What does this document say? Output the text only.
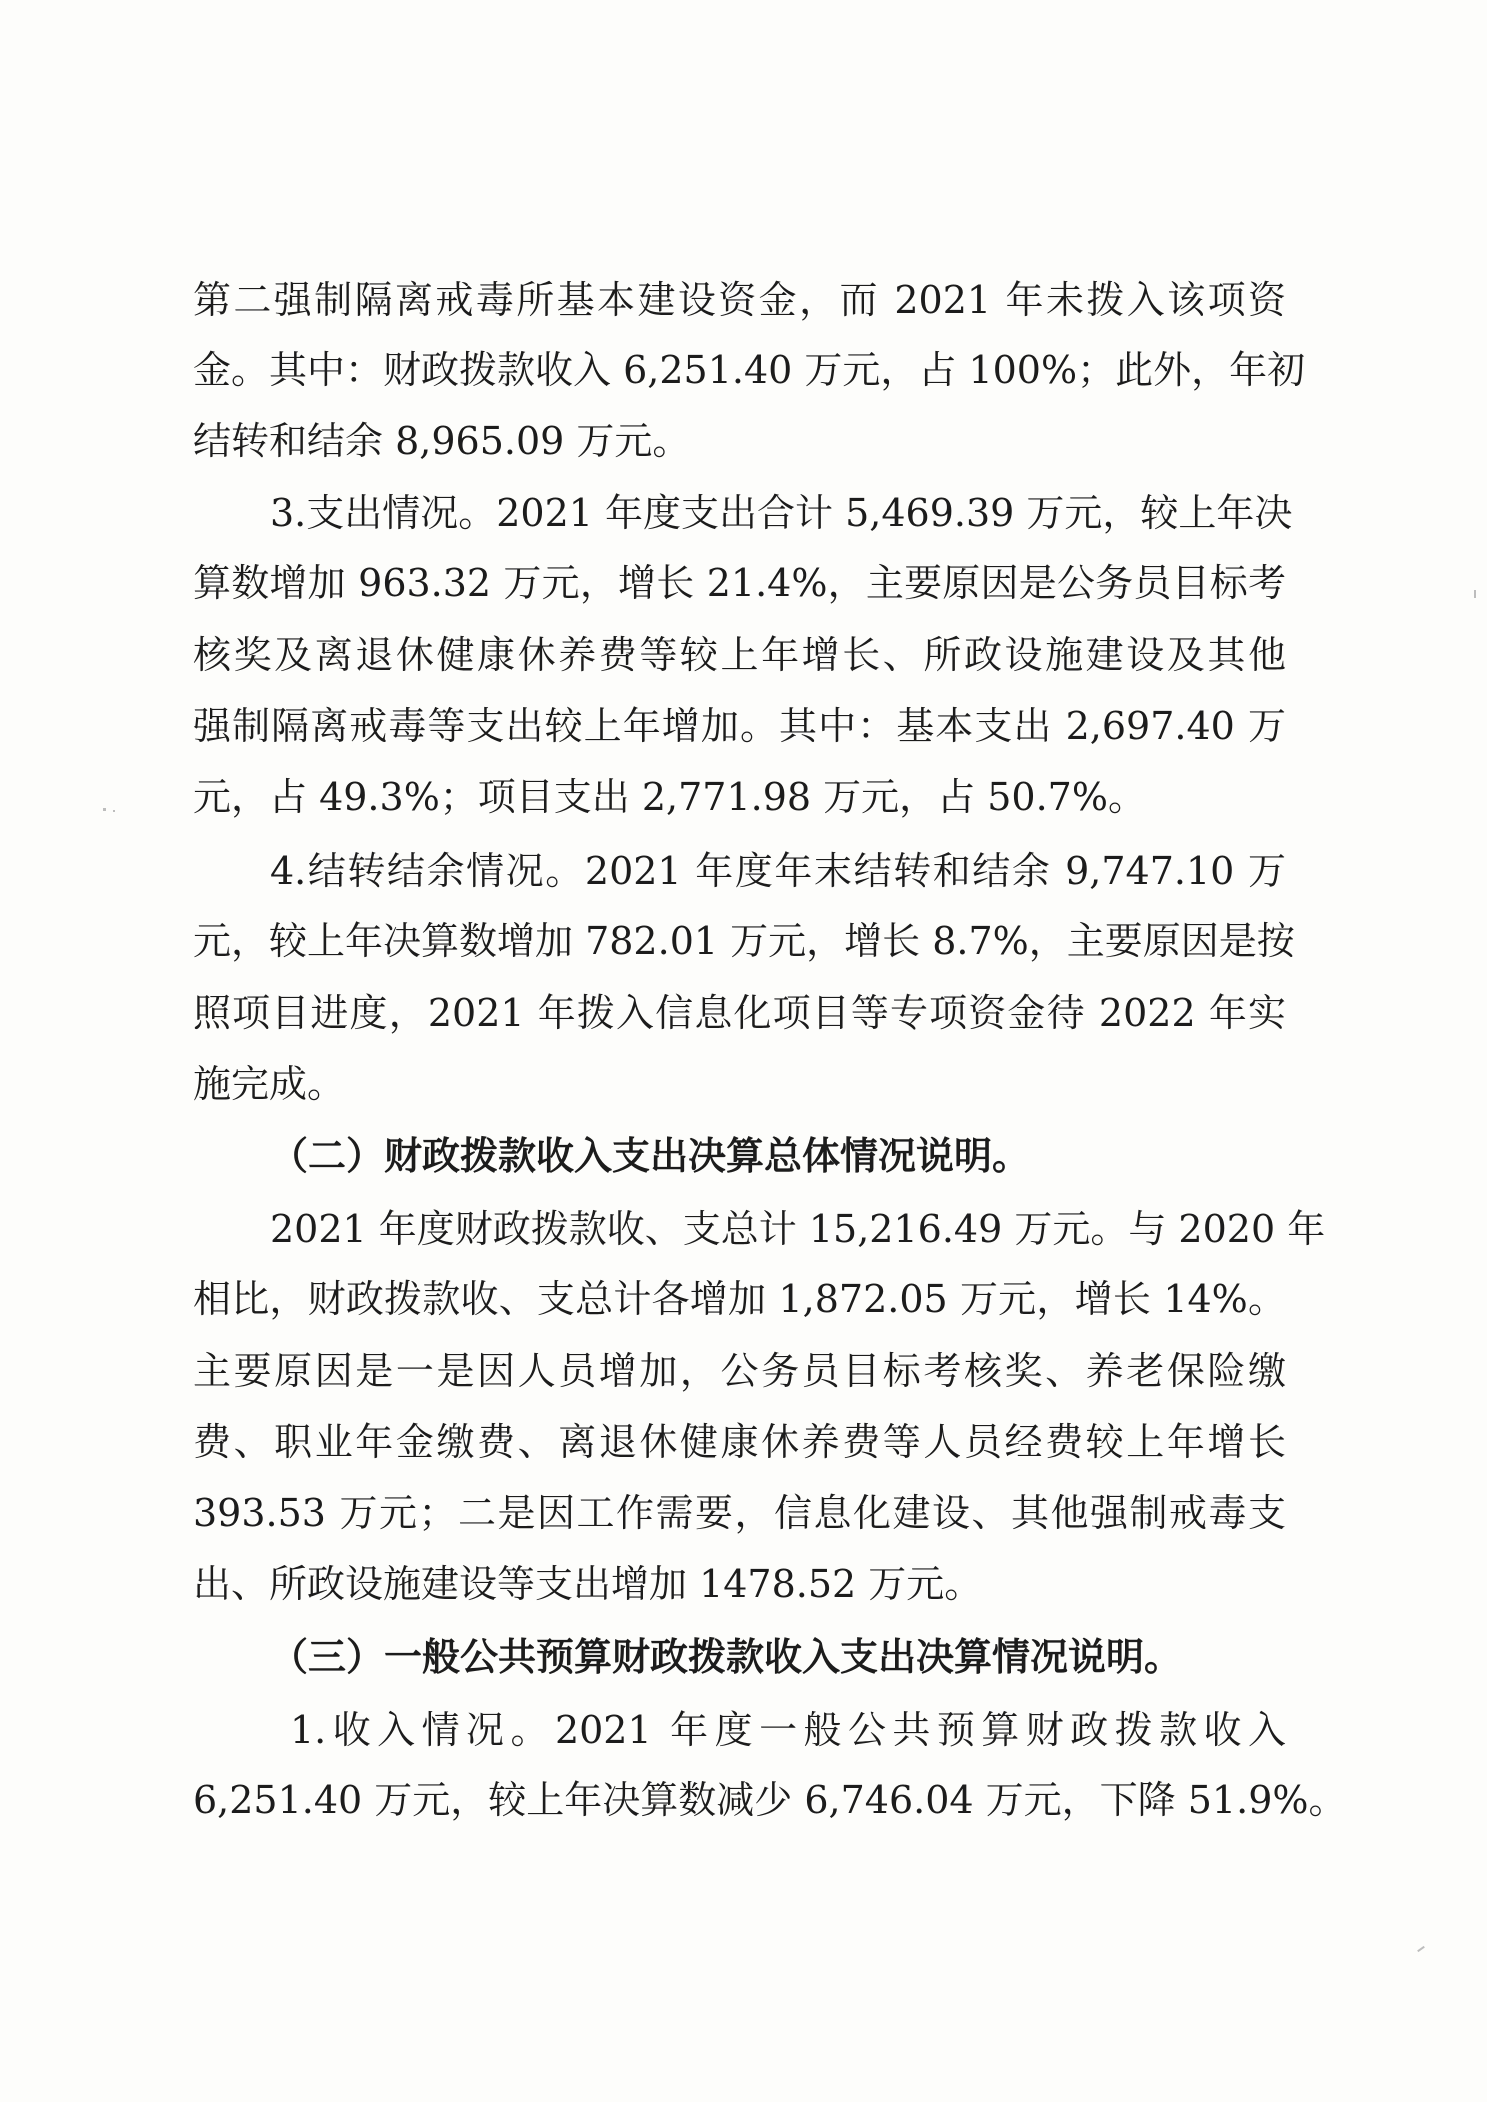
第二强制隔离戒毒所基本建设资金，而 2021 年未拨入该项资
金。其中：财政拨款收入 6,251.40 万元，占 100%；此外，年初
结转和结余 8,965.09 万元。
3.支出情况。2021 年度支出合计 5,469.39 万元，较上年决
算数增加 963.32 万元，增长 21.4%，主要原因是公务员目标考
核奖及离退休健康休养费等较上年增长、所政设施建设及其他
强制隔离戒毒等支出较上年增加。其中：基本支出 2,697.40 万
元，占 49.3%；项目支出 2,771.98 万元，占 50.7%。
4.结转结余情况。2021 年度年末结转和结余 9,747.10 万
元，较上年决算数增加 782.01 万元，增长 8.7%，主要原因是按
照项目进度，2021 年拨入信息化项目等专项资金待 2022 年实
施完成。
（二）财政拨款收入支出决算总体情况说明。
2021 年度财政拨款收、支总计 15,216.49 万元。与 2020 年
相比，财政拨款收、支总计各增加 1,872.05 万元，增长 14%。
主要原因是一是因人员增加，公务员目标考核奖、养老保险缴
费、职业年金缴费、离退休健康休养费等人员经费较上年增长
393.53 万元；二是因工作需要，信息化建设、其他强制戒毒支
出、所政设施建设等支出增加 1478.52 万元。
（三）一般公共预算财政拨款收入支出决算情况说明。
1.收入情况。2021 年度一般公共预算财政拨款收入
6,251.40 万元，较上年决算数减少 6,746.04 万元，下降 51.9%。
